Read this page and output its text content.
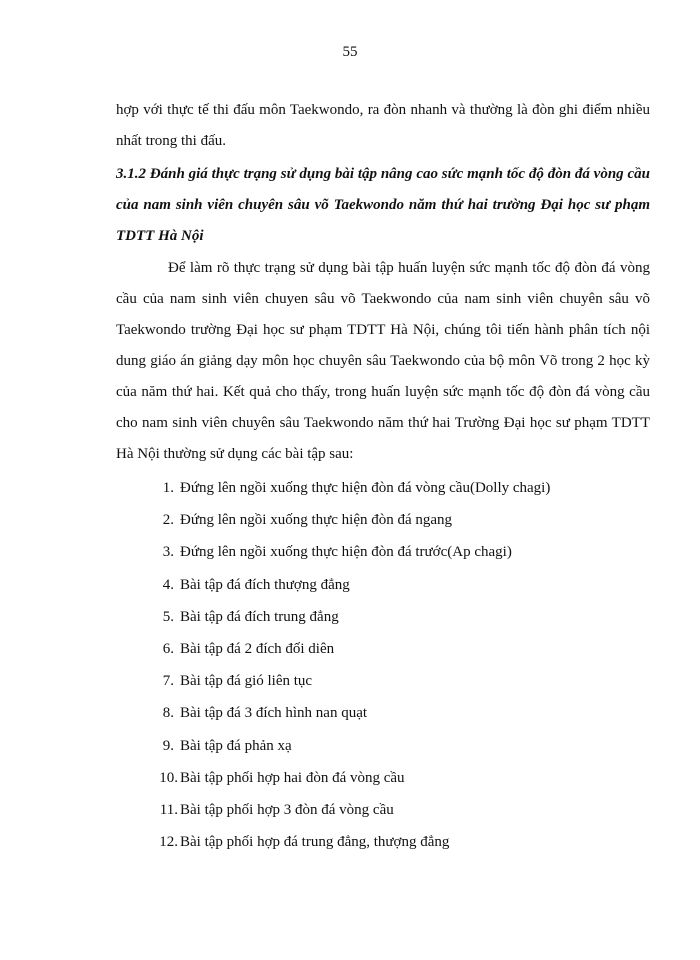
55

hợp với thực tế thi đấu môn Taekwondo, ra đòn nhanh và thường là đòn ghi điểm nhiều nhất trong thi đấu.

3.1.2 Đánh giá thực trạng sử dụng bài tập nâng cao sức mạnh tốc độ đòn đá vòng cầu của nam sinh viên chuyên sâu võ Taekwondo năm thứ hai trường Đại học sư phạm TDTT Hà Nội

Để làm rõ thực trạng sử dụng bài tập huấn luyện sức mạnh tốc độ đòn đá vòng cầu của nam sinh viên chuyen sâu võ Taekwondo của nam sinh viên chuyên sâu võ Taekwondo trường Đại học sư phạm TDTT Hà Nội, chúng tôi tiến hành phân tích nội dung giáo án giảng dạy môn học chuyên sâu Taekwondo của bộ môn Võ trong 2 học kỳ của năm thứ hai. Kết quả cho thấy, trong huấn luyện sức mạnh tốc độ đòn đá vòng cầu cho nam sinh viên chuyên sâu Taekwondo năm thứ hai Trường Đại học sư phạm TDTT Hà Nội thường sử dụng các bài tập sau:

1. Đứng lên ngồi xuống thực hiện đòn đá vòng cầu(Dolly chagi)
2. Đứng lên ngồi xuống thực hiện đòn đá ngang
3. Đứng lên ngồi xuống thực hiện đòn đá trước(Ap chagi)
4. Bài tập đá đích thượng đẳng
5. Bài tập đá đích trung đẳng
6. Bài tập đá 2 đích đối diên
7. Bài tập đá gió liên tục
8. Bài tập đá 3 đích hình nan quạt
9. Bài tập đá phản xạ
10. Bài tập phối hợp hai đòn đá vòng cầu
11. Bài tập phối hợp 3 đòn đá vòng cầu
12. Bài tập phối hợp đá trung đẳng, thượng đẳng
